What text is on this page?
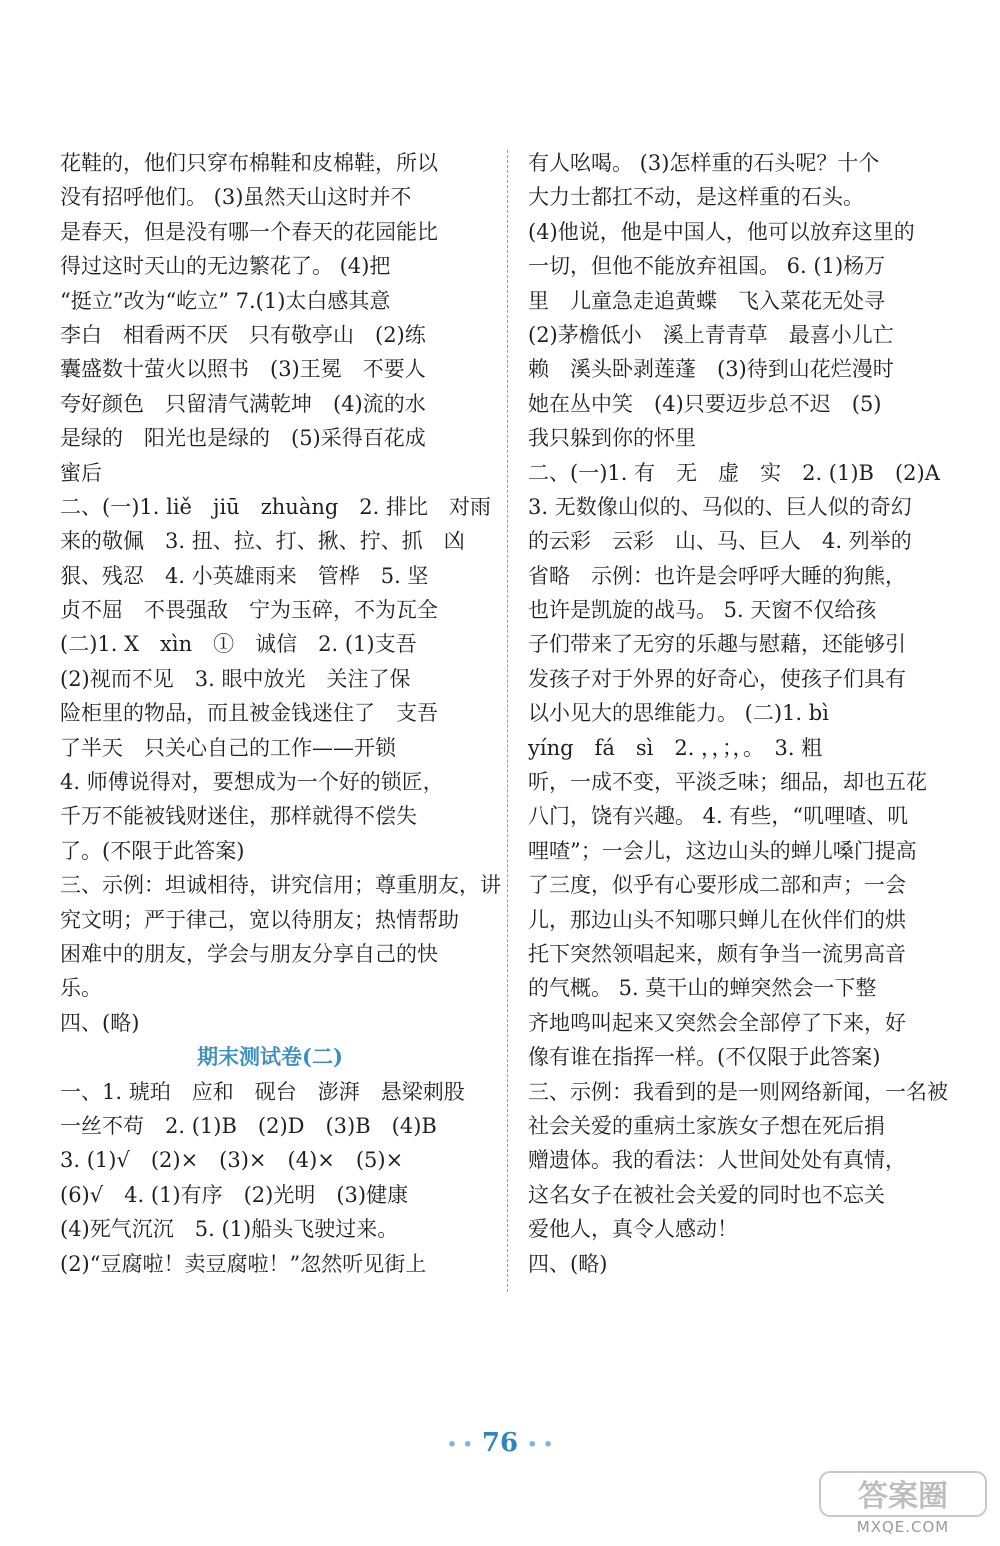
花鞋的，他们只穿布棉鞋和皮棉鞋，所以
没有招呼他们。 (3)虽然天山这时并不
是春天，但是没有哪一个春天的花园能比
得过这时天山的无边繁花了。 (4)把
“挺立”改为“屹立” 7.(1)太白感其意
李白　相看两不厌　只有敬亭山　(2)练
囊盛数十萤火以照书　(3)王冕　不要人
夸好颜色　只留清气满乾坤　(4)流的水
是绿的　阳光也是绿的　(5)采得百花成
蜜后
二、(一)1. liě　jiū　zhuàng　2. 排比　对雨
来的敬佩　3. 扭、拉、打、揪、拧、抓　凶
狠、残忍　4. 小英雄雨来　管桦　5. 坚
贞不屈　不畏强敌　宁为玉碎，不为瓦全
(二)1. X　xìn　①　诚信　2. (1)支吾
(2)视而不见　3. 眼中放光　关注了保
险柜里的物品，而且被金钱迷住了　支吾
了半天　只关心自己的工作——开锁
4. 师傅说得对，要想成为一个好的锁匠，
千万不能被钱财迷住，那样就得不偿失
了。(不限于此答案)
三、示例：坦诚相待，讲究信用；尊重朋友，讲
究文明；严于律己，宽以待朋友；热情帮助
困难中的朋友，学会与朋友分享自己的快
乐。
四、(略)
期末测试卷(二)
一、1. 琥珀　应和　砚台　澎湃　悬梁刺股
一丝不苟　2. (1)B　(2)D　(3)B　(4)B
3. (1)√　(2)×　(3)×　(4)×　(5)×
(6)√　4. (1)有序　(2)光明　(3)健康
(4)死气沉沉　5. (1)船头飞驶过来。
(2)“豆腐啦！卖豆腐啦！”忽然听见街上
有人吆喝。 (3)怎样重的石头呢？十个
大力士都扛不动，是这样重的石头。
(4)他说，他是中国人，他可以放弃这里的
一切，但他不能放弃祖国。 6. (1)杨万
里　儿童急走追黄蝶　飞入菜花无处寻
(2)茅檐低小　溪上青青草　最喜小儿亡
赖　溪头卧剥莲蓬　(3)待到山花烂漫时
她在丛中笑　(4)只要迈步总不迟　(5)
我只躲到你的怀里
二、(一)1. 有　无　虚　实　2. (1)B　(2)A
3. 无数像山似的、马似的、巨人似的奇幻
的云彩　云彩　山、马、巨人　4. 列举的
省略　示例：也许是会呼呼大睡的狗熊，
也许是凯旋的战马。 5. 天窗不仅给孩
子们带来了无穷的乐趣与慰藉，还能够引
发孩子对于外界的好奇心，使孩子们具有
以小见大的思维能力。 (二)1. bì
yíng　fá　sì　2. ，，；，。　3. 粗
听，一成不变，平淡乏味；细品，却也五花
八门，饶有兴趣。 4. 有些，“叽哩喳、叽
哩喳”；一会儿，这边山头的蝉儿嗓门提高
了三度，似乎有心要形成二部和声；一会
儿，那边山头不知哪只蝉儿在伙伴们的烘
托下突然领唱起来，颇有争当一流男高音
的气概。 5. 莫干山的蝉突然会一下整
齐地鸣叫起来又突然会全部停了下来，好
像有谁在指挥一样。(不仅限于此答案)
三、示例：我看到的是一则网络新闻，一名被
社会关爱的重病土家族女子想在死后捐
赠遗体。我的看法：人世间处处有真情，
这名女子在被社会关爱的同时也不忘关
爱他人，真令人感动！
四、(略)
• • 76 • •
答案圈
MXQE.COM
